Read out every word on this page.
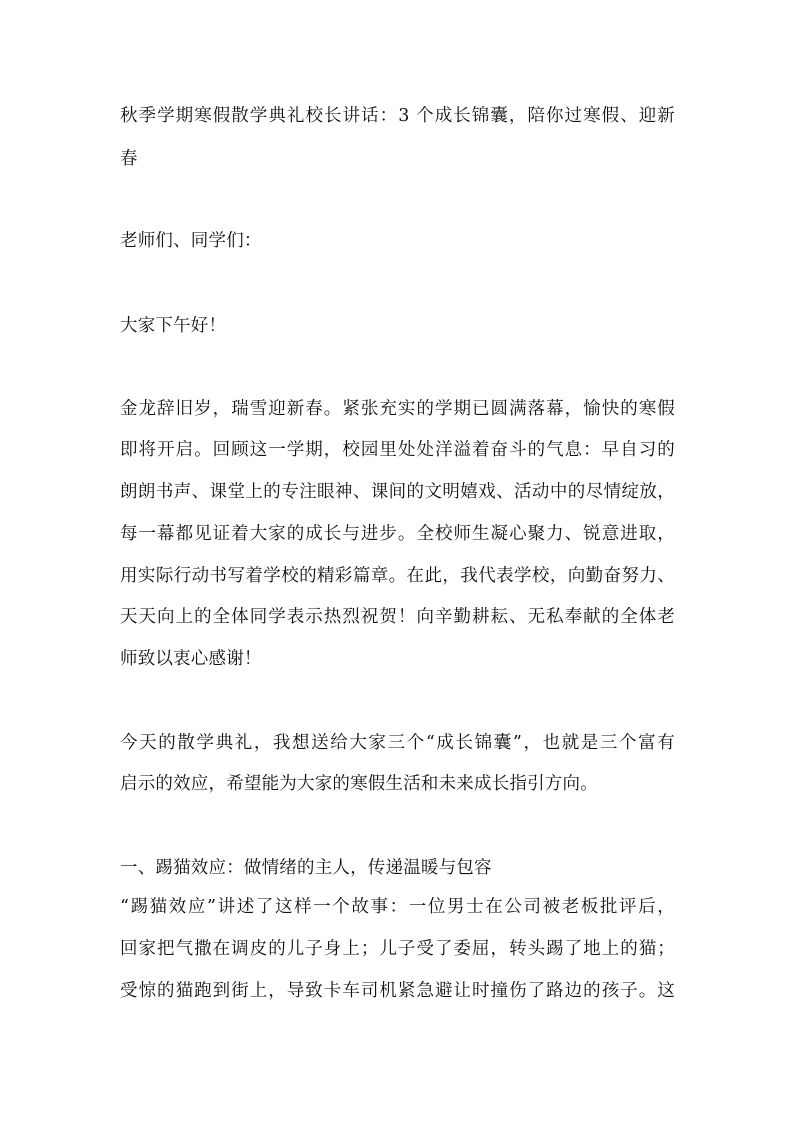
秋季学期寒假散学典礼校长讲话：3 个成长锦囊，陪你过寒假、迎新
春
老师们、同学们：
大家下午好！
金龙辞旧岁，瑞雪迎新春。紧张充实的学期已圆满落幕，愉快的寒假
即将开启。回顾这一学期，校园里处处洋溢着奋斗的气息：早自习的
朗朗书声、课堂上的专注眼神、课间的文明嬉戏、活动中的尽情绽放，
每一幕都见证着大家的成长与进步。全校师生凝心聚力、锐意进取，
用实际行动书写着学校的精彩篇章。在此，我代表学校，向勤奋努力、
天天向上的全体同学表示热烈祝贺！向辛勤耕耘、无私奉献的全体老
师致以衷心感谢！
今天的散学典礼，我想送给大家三个“成长锦囊”，也就是三个富有
启示的效应，希望能为大家的寒假生活和未来成长指引方向。
一、踢猫效应：做情绪的主人，传递温暖与包容
“踢猫效应”讲述了这样一个故事：一位男士在公司被老板批评后，
回家把气撒在调皮的儿子身上；儿子受了委屈，转头踢了地上的猫；
受惊的猫跑到街上，导致卡车司机紧急避让时撞伤了路边的孩子。这
